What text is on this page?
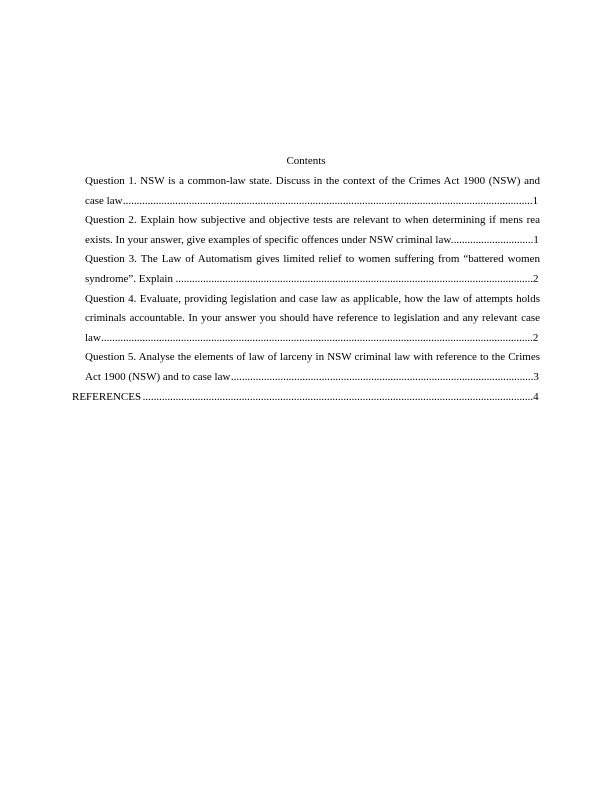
Contents
Question 1. NSW is a common-law state. Discuss in the context of the Crimes Act 1900 (NSW) and case law.....................................................................................................................................................1
Question 2. Explain how subjective and objective tests are relevant to when determining if mens rea exists. In your answer, give examples of specific offences under NSW criminal law..............................1
Question 3. The Law of Automatism gives limited relief to women suffering from “battered women syndrome”. Explain ..................................................................................................................................2
Question 4. Evaluate, providing legislation and case law as applicable, how the law of attempts holds criminals accountable. In your answer you should have reference to legislation and any relevant case law.............................................................................................................................................................2
Question 5. Analyse the elements of law of larceny in NSW criminal law with reference to the Crimes Act 1900 (NSW) and to case law..............................................................................................................3
REFERENCES ..............................................................................................................................................4
